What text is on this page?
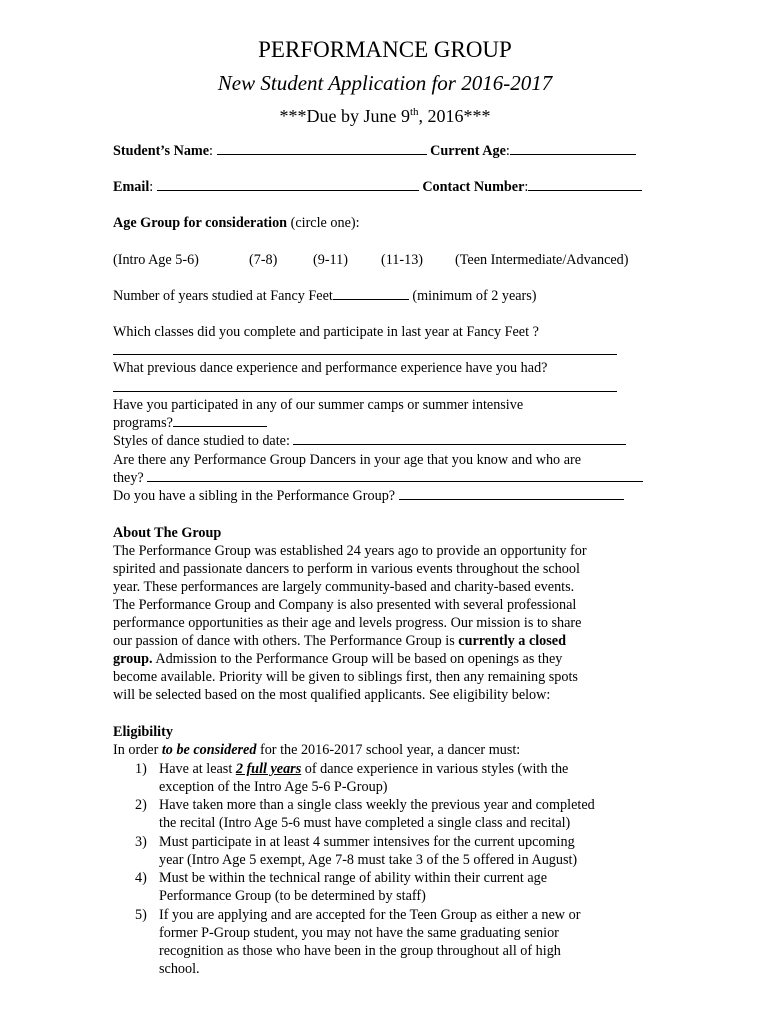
PERFORMANCE GROUP
New Student Application for 2016-2017
***Due by June 9th, 2016***
Student’s Name:	Current Age:
Email:	Contact Number:
Age Group for consideration (circle one):
(Intro Age 5-6)	(7-8)	(9-11) (11-13) (Teen Intermediate/Advanced)
Number of years studied at Fancy Feet	(minimum of 2 years)
Which classes did you complete and participate in last year at Fancy Feet ?
What previous dance experience and performance experience have you had?
Have you participated in any of our summer camps or summer intensive
programs?
Styles of dance studied to date:
Are there any Performance Group Dancers in your age that you know and who are
they?
Do you have a sibling in the Performance Group?
About The Group
The Performance Group was established 24 years ago to provide an opportunity for
spirited and passionate dancers to perform in various events throughout the school
year. These performances are largely community-based and charity-based events.
The Performance Group and Company is also presented with several professional
performance opportunities as their age and levels progress. Our mission is to share
our passion of dance with others. The Performance Group is currently a closed
group. Admission to the Performance Group will be based on openings as they
become available. Priority will be given to siblings first, then any remaining spots
will be selected based on the most qualified applicants. See eligibility below:
Eligibility
In order to be considered for the 2016-2017 school year, a dancer must:
1) Have at least 2 full years of dance experience in various styles (with the
exception of the Intro Age 5-6 P-Group)
2) Have taken more than a single class weekly the previous year and completed
the recital (Intro Age 5-6 must have completed a single class and recital)
3) Must participate in at least 4 summer intensives for the current upcoming
year (Intro Age 5 exempt, Age 7-8 must take 3 of the 5 offered in August)
4) Must be within the technical range of ability within their current age
Performance Group (to be determined by staff)
5) If you are applying and are accepted for the Teen Group as either a new or
former P-Group student, you may not have the same graduating senior
recognition as those who have been in the group throughout all of high
school.
